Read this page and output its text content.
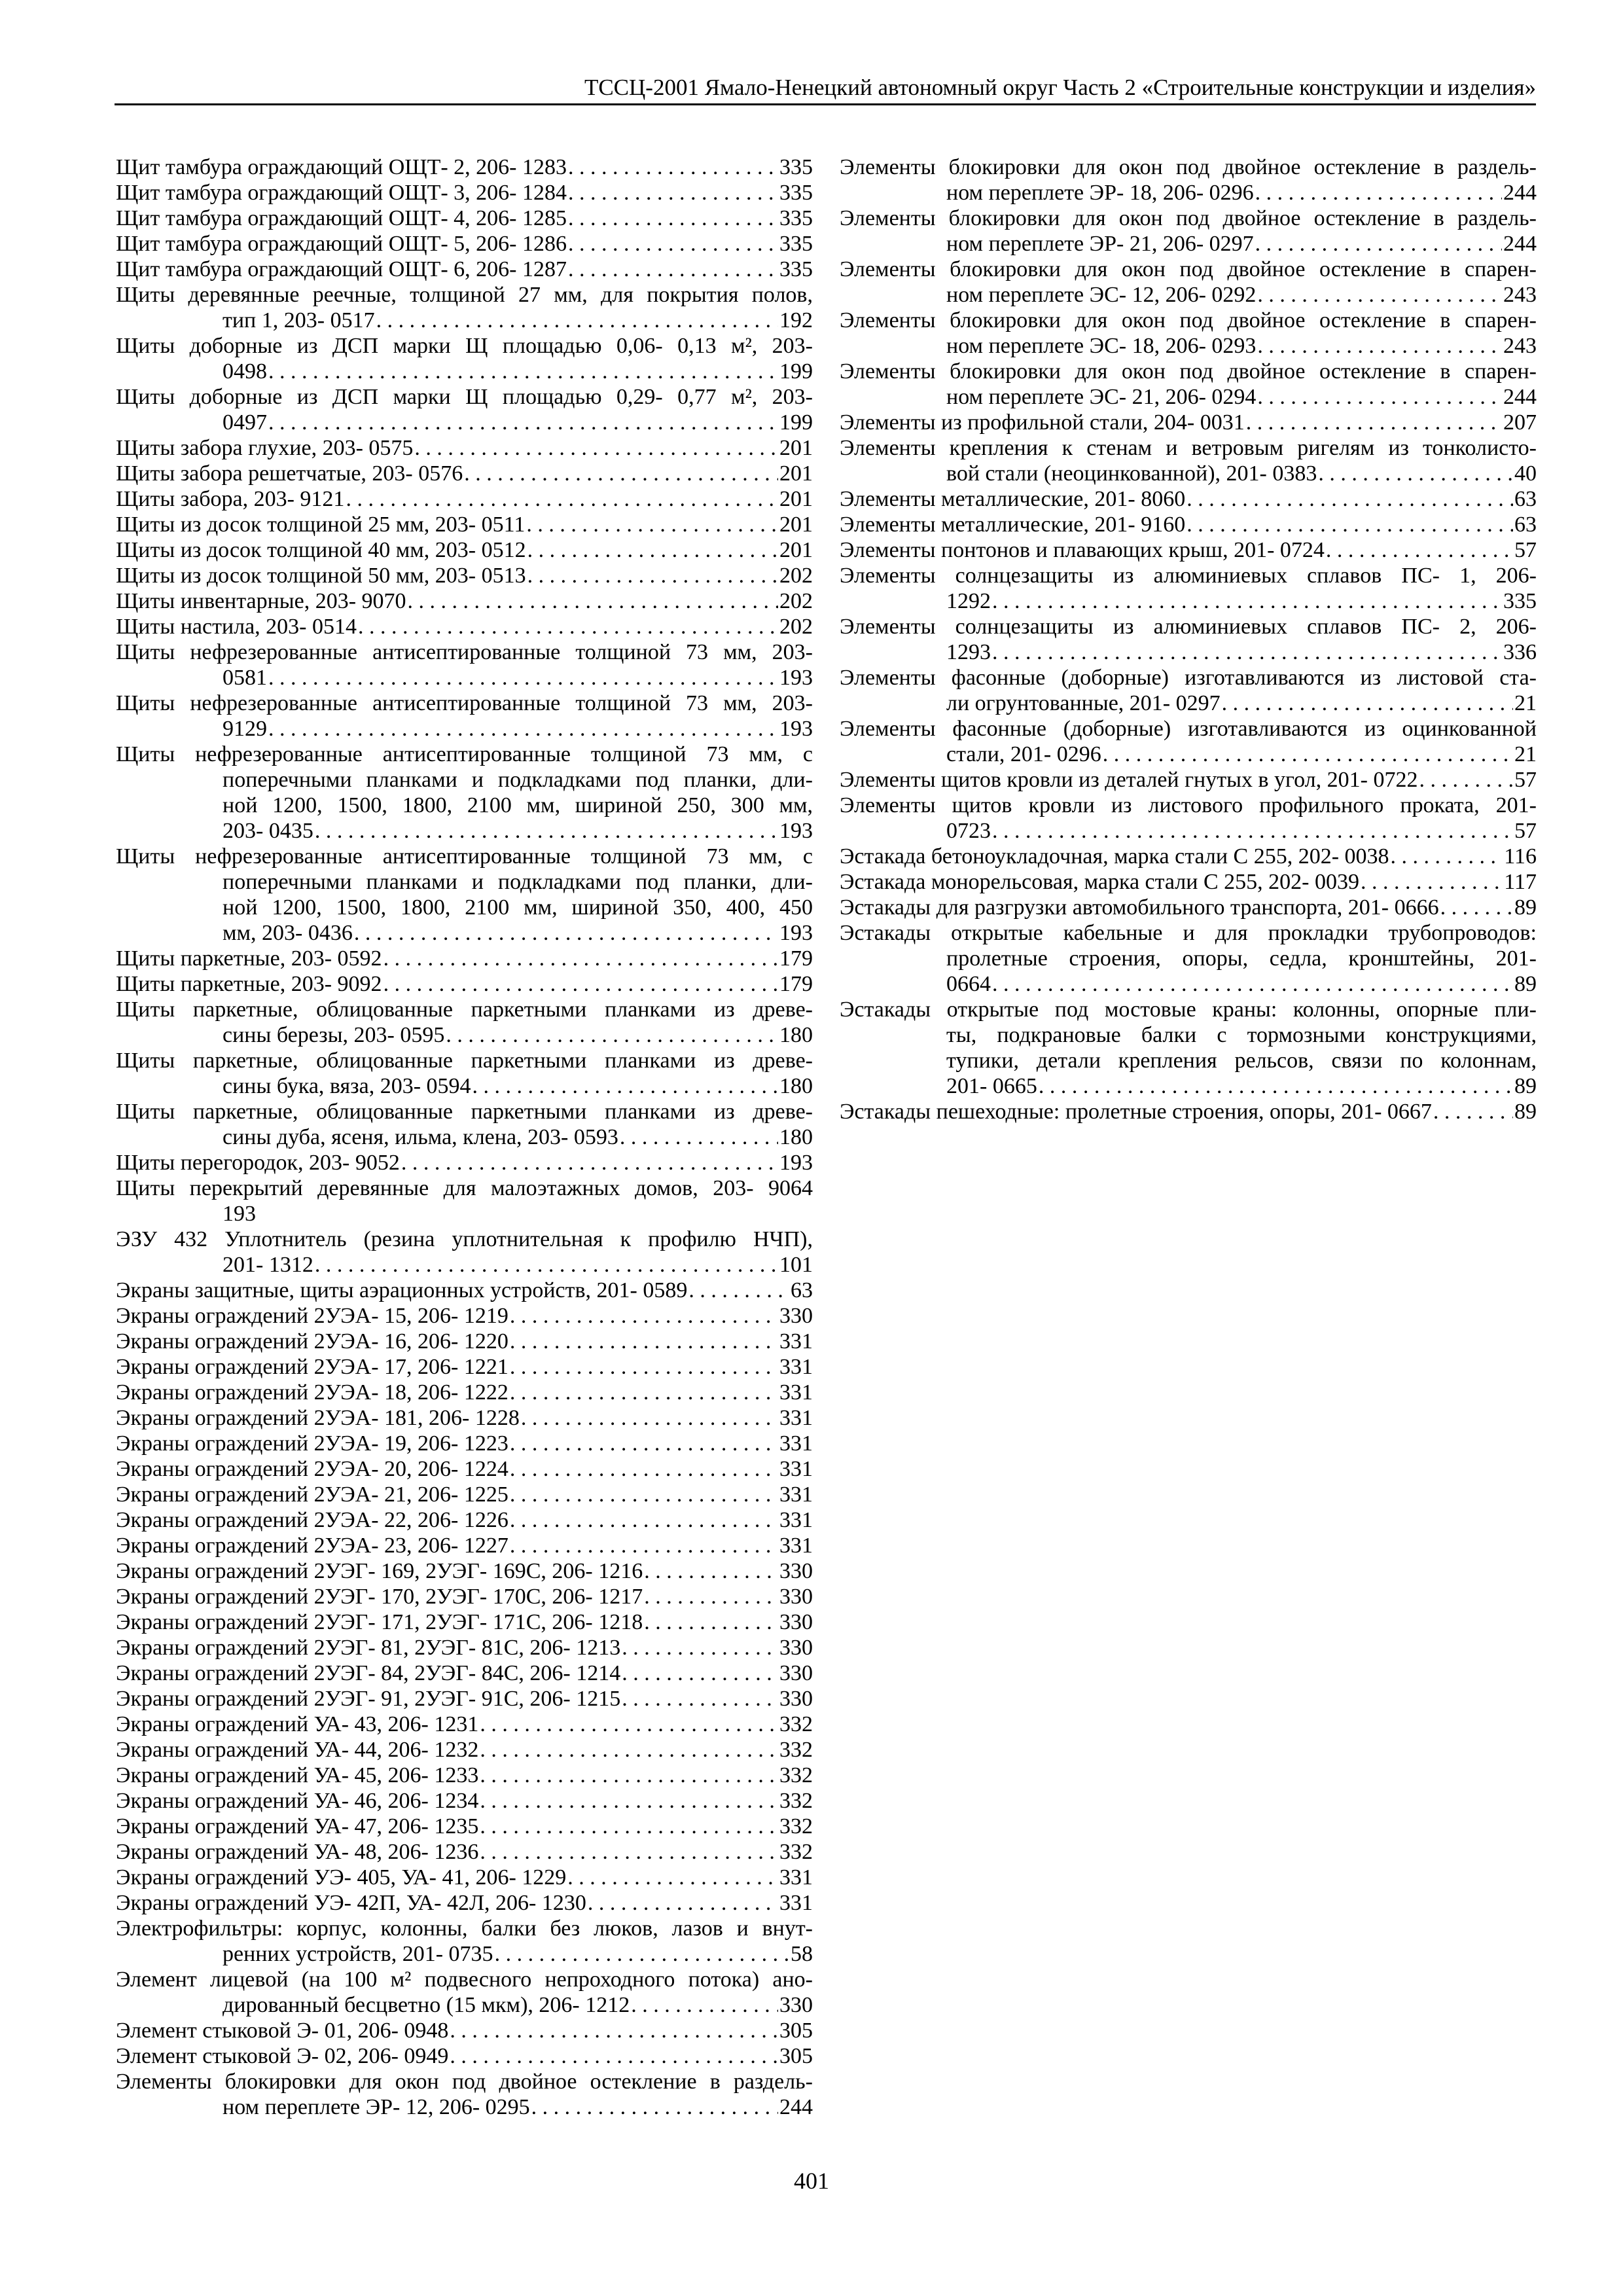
ТССЦ-2001 Ямало-Ненецкий автономный округ Часть 2 «Строительные конструкции и изделия»
Щит тамбура ограждающий ОЩТ- 2, 206- 1283 . . .	335
Щит тамбура ограждающий ОЩТ- 3, 206- 1284 . . .	335
Щит тамбура ограждающий ОЩТ- 4, 206- 1285 . . .	335
Щит тамбура ограждающий ОЩТ- 5, 206- 1286 . . .	335
Щит тамбура ограждающий ОЩТ- 6, 206- 1287 . . .	335
Щиты деревянные реечные, толщиной 27 мм, для покрытия полов,
тип 1, 203- 0517 . . .	192
Щиты доборные из ДСП марки Щ площадью 0,06- 0,13 м², 203-
0498 . . .	199
Щиты доборные из ДСП марки Щ площадью 0,29- 0,77 м², 203-
0497 . . .	199
Щиты забора глухие, 203- 0575 . . .	201
Щиты забора решетчатые, 203- 0576 . . .	201
Щиты забора, 203- 9121 . . .	201
Щиты из досок толщиной 25 мм, 203- 0511 . . .	201
Щиты из досок толщиной 40 мм, 203- 0512 . . .	201
Щиты из досок толщиной 50 мм, 203- 0513 . . .	202
Щиты инвентарные, 203- 9070 . . .	202
Щиты настила, 203- 0514 . . .	202
Щиты нефрезерованные антисептированные толщиной 73 мм, 203-
0581 . . .	193
Щиты нефрезерованные антисептированные толщиной 73 мм, 203-
9129 . . .	193
Щиты нефрезерованные антисептированные толщиной 73 мм, с
поперечными планками и подкладками под планки, дли-
ной 1200, 1500, 1800, 2100 мм, шириной 250, 300 мм,
203- 0435 . . .	193
Щиты нефрезерованные антисептированные толщиной 73 мм, с
поперечными планками и подкладками под планки, дли-
ной 1200, 1500, 1800, 2100 мм, шириной 350, 400, 450
мм, 203- 0436 . . .	193
Щиты паркетные, 203- 0592 . . .	179
Щиты паркетные, 203- 9092 . . .	179
Щиты паркетные, облицованные паркетными планками из древе-
сины березы, 203- 0595 . . .	180
Щиты паркетные, облицованные паркетными планками из древе-
сины бука, вяза, 203- 0594 . . .	180
Щиты паркетные, облицованные паркетными планками из древе-
сины дуба, ясеня, ильма, клена, 203- 0593 . . .	180
Щиты перегородок, 203- 9052 . . .	193
Щиты перекрытий деревянные для малоэтажных домов, 203- 9064
193
ЭЗУ 432 Уплотнитель (резина уплотнительная к профилю НЧП),
201- 1312 . . .	101
Экраны защитные, щиты аэрационных устройств, 201- 0589 . . .	63
Экраны ограждений 2УЭА- 15, 206- 1219 . . .	330
Экраны ограждений 2УЭА- 16, 206- 1220 . . .	331
Экраны ограждений 2УЭА- 17, 206- 1221 . . .	331
Экраны ограждений 2УЭА- 18, 206- 1222 . . .	331
Экраны ограждений 2УЭА- 181, 206- 1228 . . .	331
Экраны ограждений 2УЭА- 19, 206- 1223 . . .	331
Экраны ограждений 2УЭА- 20, 206- 1224 . . .	331
Экраны ограждений 2УЭА- 21, 206- 1225 . . .	331
Экраны ограждений 2УЭА- 22, 206- 1226 . . .	331
Экраны ограждений 2УЭА- 23, 206- 1227 . . .	331
Экраны ограждений 2УЭГ- 169, 2УЭГ- 169С, 206- 1216 . . .	330
Экраны ограждений 2УЭГ- 170, 2УЭГ- 170С, 206- 1217 . . .	330
Экраны ограждений 2УЭГ- 171, 2УЭГ- 171С, 206- 1218 . . .	330
Экраны ограждений 2УЭГ- 81, 2УЭГ- 81С, 206- 1213 . . .	330
Экраны ограждений 2УЭГ- 84, 2УЭГ- 84С, 206- 1214 . . .	330
Экраны ограждений 2УЭГ- 91, 2УЭГ- 91С, 206- 1215 . . .	330
Экраны ограждений УА- 43, 206- 1231 . . .	332
Экраны ограждений УА- 44, 206- 1232 . . .	332
Экраны ограждений УА- 45, 206- 1233 . . .	332
Экраны ограждений УА- 46, 206- 1234 . . .	332
Экраны ограждений УА- 47, 206- 1235 . . .	332
Экраны ограждений УА- 48, 206- 1236 . . .	332
Экраны ограждений УЭ- 405, УА- 41, 206- 1229 . . .	331
Экраны ограждений УЭ- 42П, УА- 42Л, 206- 1230 . . .	331
Электрофильтры: корпус, колонны, балки без люков, лазов и внут-
ренних устройств, 201- 0735 . . .	58
Элемент лицевой (на 100 м² подвесного непроходного потока) ано-
дированный бесцветно (15 мкм), 206- 1212 . . .	330
Элемент стыковой Э- 01, 206- 0948 . . .	305
Элемент стыковой Э- 02, 206- 0949 . . .	305
Элементы блокировки для окон под двойное остекление в раздель-
ном переплете ЭР- 12, 206- 0295 . . .	244
Элементы блокировки для окон под двойное остекление в раздель-
ном переплете ЭР- 18, 206- 0296 . . .	244
Элементы блокировки для окон под двойное остекление в раздель-
ном переплете ЭР- 21, 206- 0297 . . .	244
Элементы блокировки для окон под двойное остекление в спарен-
ном переплете ЭС- 12, 206- 0292 . . .	243
Элементы блокировки для окон под двойное остекление в спарен-
ном переплете ЭС- 18, 206- 0293 . . .	243
Элементы блокировки для окон под двойное остекление в спарен-
ном переплете ЭС- 21, 206- 0294 . . .	244
Элементы из профильной стали, 204- 0031 . . .	207
Элементы крепления к стенам и ветровым ригелям из тонколисто-
вой стали (неоцинкованной), 201- 0383 . . .	40
Элементы металлические, 201- 8060 . . .	63
Элементы металлические, 201- 9160 . . .	63
Элементы понтонов и плавающих крыш, 201- 0724 . . .	57
Элементы солнцезащиты из алюминиевых сплавов ПС- 1, 206-
1292 . . .	335
Элементы солнцезащиты из алюминиевых сплавов ПС- 2, 206-
1293 . . .	336
Элементы фасонные (доборные) изготавливаются из листовой ста-
ли огрунтованные, 201- 0297 . . .	21
Элементы фасонные (доборные) изготавливаются из оцинкованной
стали, 201- 0296 . . .	21
Элементы щитов кровли из деталей гнутых в угол, 201- 0722 . . .	57
Элементы щитов кровли из листового профильного проката, 201-
0723 . . .	57
Эстакада бетоноукладочная, марка стали С 255, 202- 0038 . . .	116
Эстакада монорельсовая, марка стали С 255, 202- 0039 . . .	117
Эстакады для разгрузки автомобильного транспорта, 201- 0666 . . .	89
Эстакады открытые кабельные и для прокладки трубопроводов:
пролетные строения, опоры, седла, кронштейны, 201-
0664 . . .	89
Эстакады открытые под мостовые краны: колонны, опорные пли-
ты, подкрановые балки с тормозными конструкциями,
тупики, детали крепления рельсов, связи по колоннам,
201- 0665 . . .	89
Эстакады пешеходные: пролетные строения, опоры, 201- 0667 . . .	89
401
